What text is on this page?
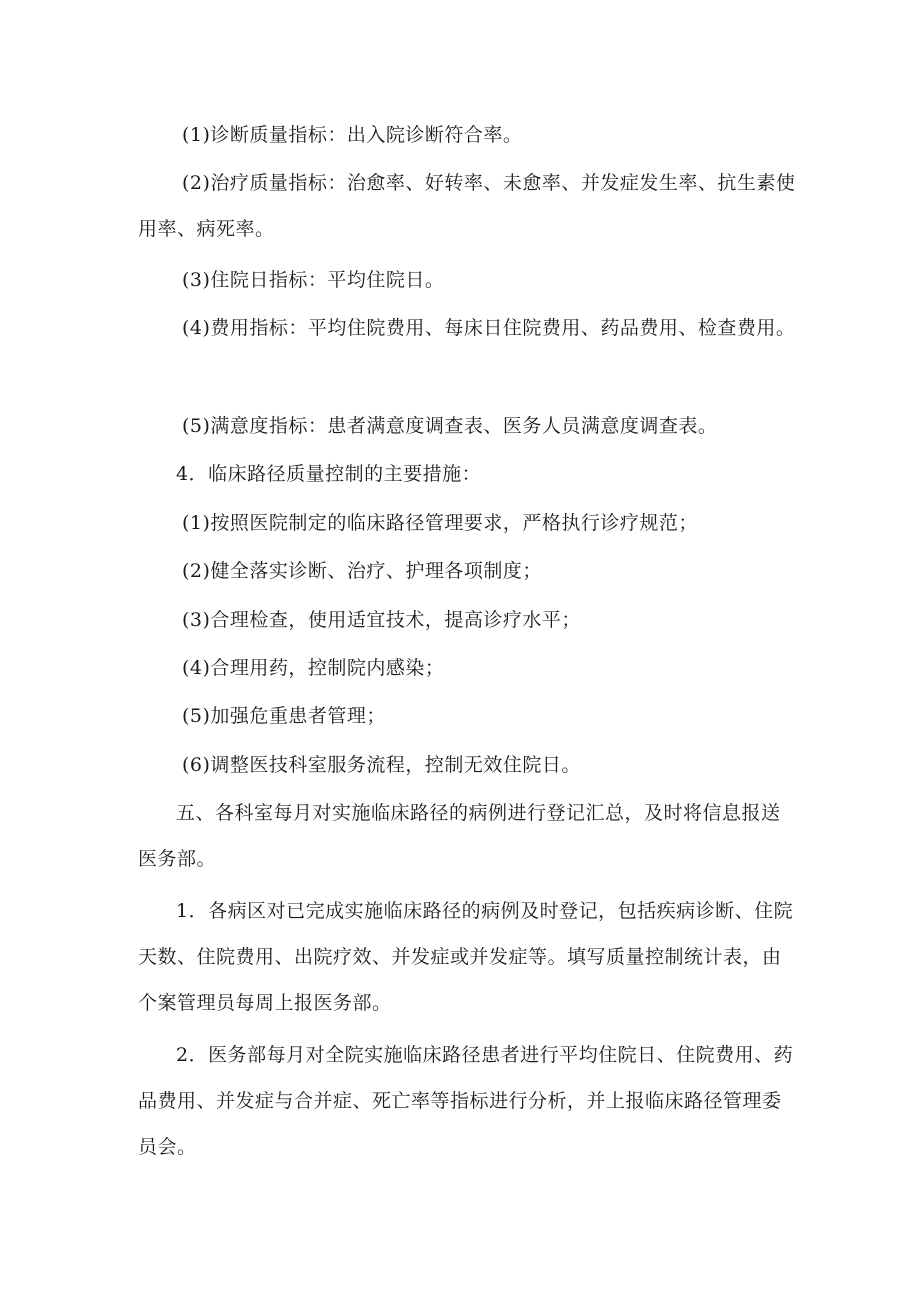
(1)诊断质量指标：出入院诊断符合率。

(2)治疗质量指标：治愈率、好转率、未愈率、并发症发生率、抗生素使用率、病死率。

(3)住院日指标：平均住院日。

(4)费用指标：平均住院费用、每床日住院费用、药品费用、检查费用。

(5)满意度指标：患者满意度调查表、医务人员满意度调查表。

4．临床路径质量控制的主要措施：

(1)按照医院制定的临床路径管理要求，严格执行诊疗规范；

(2)健全落实诊断、治疗、护理各项制度；

(3)合理检查，使用适宜技术，提高诊疗水平；

(4)合理用药，控制院内感染；

(5)加强危重患者管理；

(6)调整医技科室服务流程，控制无效住院日。

五、各科室每月对实施临床路径的病例进行登记汇总，及时将信息报送医务部。

1．各病区对已完成实施临床路径的病例及时登记，包括疾病诊断、住院天数、住院费用、出院疗效、并发症或并发症等。填写质量控制统计表，由个案管理员每周上报医务部。

2．医务部每月对全院实施临床路径患者进行平均住院日、住院费用、药品费用、并发症与合并症、死亡率等指标进行分析，并上报临床路径管理委员会。
